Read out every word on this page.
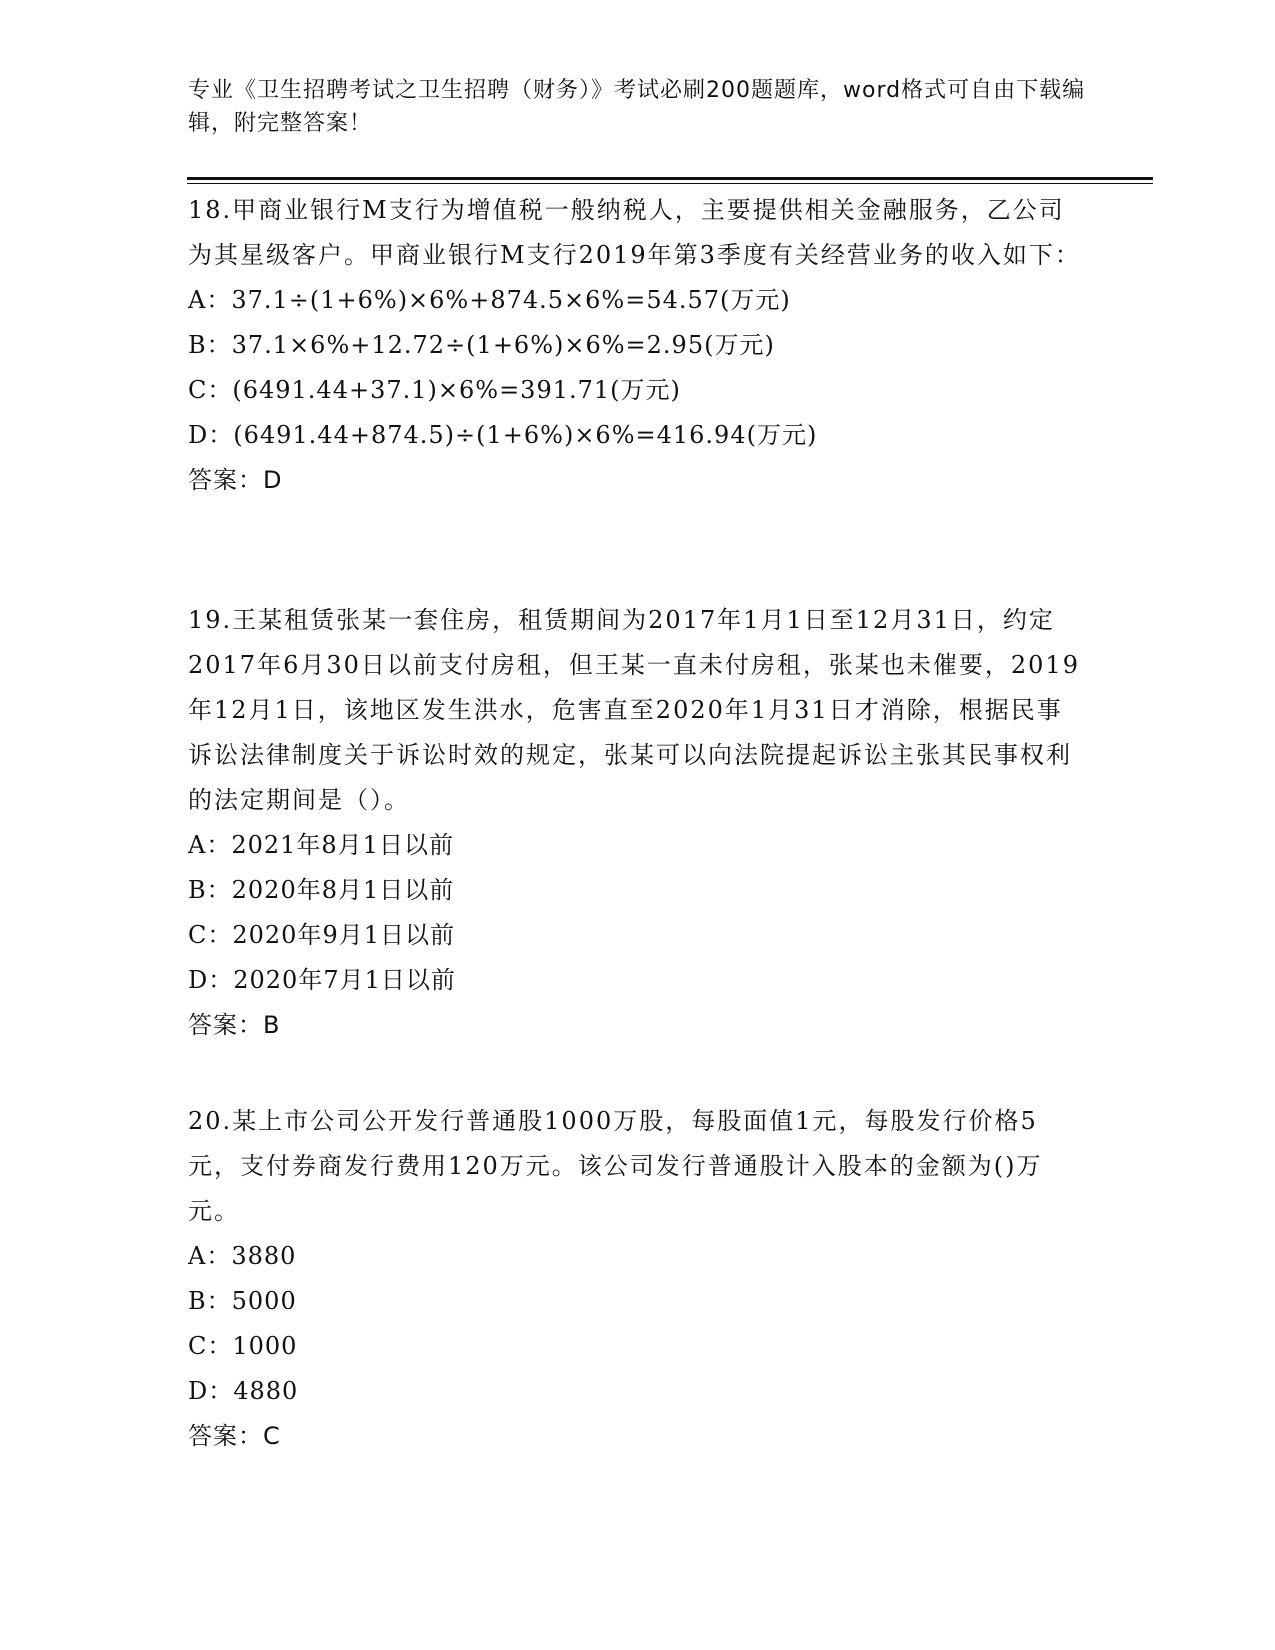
专业《卫生招聘考试之卫生招聘（财务）》考试必刷200题题库，word格式可自由下载编辑，附完整答案！
18.甲商业银行M支行为增值税一般纳税人，主要提供相关金融服务，乙公司为其星级客户。甲商业银行M支行2019年第3季度有关经营业务的收入如下：
A：37.1÷(1+6%)×6%+874.5×6%=54.57(万元)
B：37.1×6%+12.72÷(1+6%)×6%=2.95(万元)
C：(6491.44+37.1)×6%=391.71(万元)
D：(6491.44+874.5)÷(1+6%)×6%=416.94(万元)
答案：D
19.王某租赁张某一套住房，租赁期间为2017年1月1日至12月31日，约定2017年6月30日以前支付房租，但王某一直未付房租，张某也未催要，2019年12月1日，该地区发生洪水，危害直至2020年1月31日才消除，根据民事诉讼法律制度关于诉讼时效的规定，张某可以向法院提起诉讼主张其民事权利的法定期间是（）。
A：2021年8月1日以前
B：2020年8月1日以前
C：2020年9月1日以前
D：2020年7月1日以前
答案：B
20.某上市公司公开发行普通股1000万股，每股面值1元，每股发行价格5元，支付券商发行费用120万元。该公司发行普通股计入股本的金额为()万元。
A：3880
B：5000
C：1000
D：4880
答案：C
